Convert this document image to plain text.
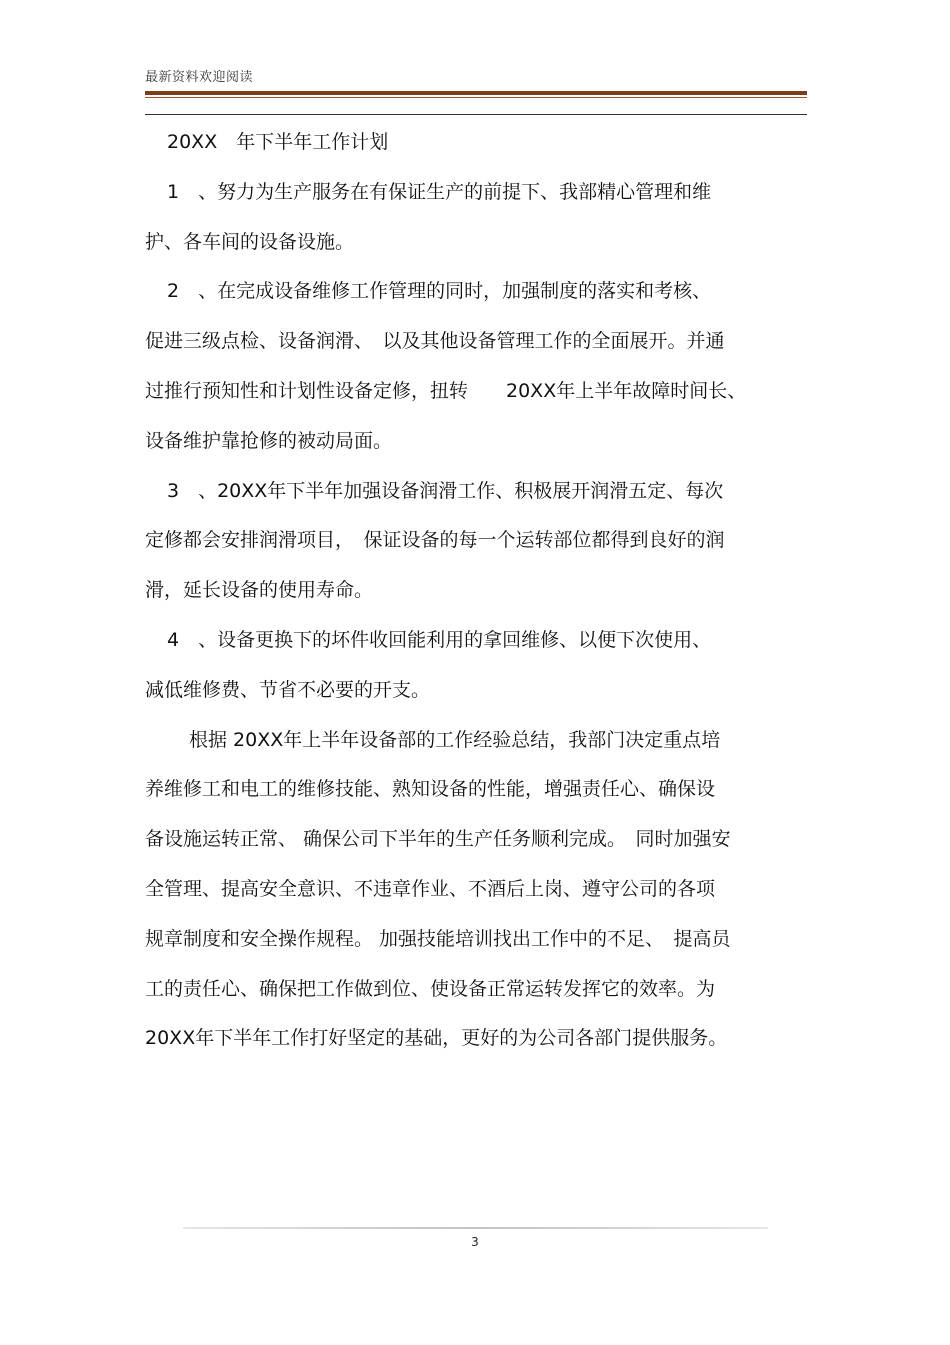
最新资料欢迎阅读
20XX　年下半年工作计划
1　、努力为生产服务在有保证生产的前提下、我部精心管理和维
护、各车间的设备设施。
2　、在完成设备维修工作管理的同时，加强制度的落实和考核、
促进三级点检、设备润滑、　以及其他设备管理工作的全面展开。并通
过推行预知性和计划性设备定修，扭转　　20XX年上半年故障时间长、
设备维护靠抢修的被动局面。
3　、20XX年下半年加强设备润滑工作、积极展开润滑五定、每次
定修都会安排润滑项目，　保证设备的每一个运转部位都得到良好的润
滑，延长设备的使用寿命。
4　、设备更换下的坏件收回能利用的拿回维修、以便下次使用、
减低维修费、节省不必要的开支。
根据 20XX年上半年设备部的工作经验总结，我部门决定重点培
养维修工和电工的维修技能、熟知设备的性能，增强责任心、确保设
备设施运转正常、 确保公司下半年的生产任务顺利完成。　同时加强安
全管理、提高安全意识、不违章作业、不酒后上岗、遵守公司的各项
规章制度和安全操作规程。 加强技能培训找出工作中的不足、　提高员
工的责任心、确保把工作做到位、使设备正常运转发挥它的效率。为
20XX年下半年工作打好坚定的基础，更好的为公司各部门提供服务。
3
